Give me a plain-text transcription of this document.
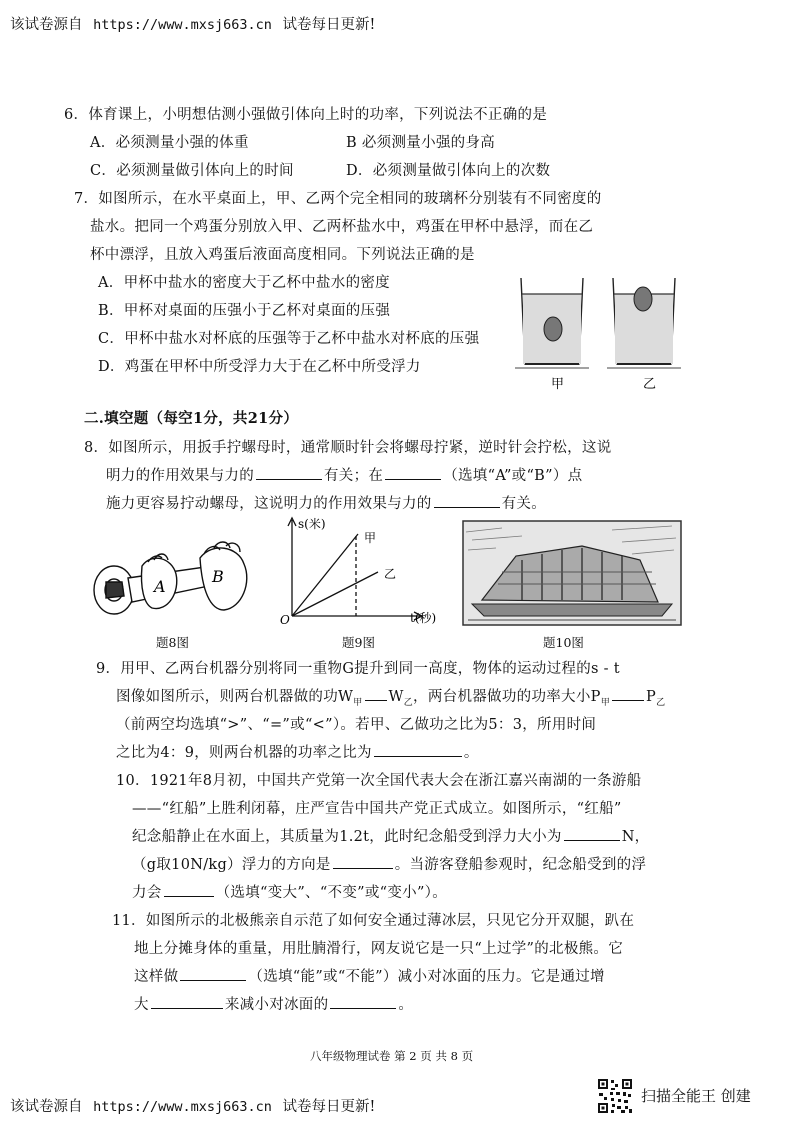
该试卷源自 https://www.mxsj663.cn 试卷每日更新!
6．体育课上，小明想估测小强做引体向上时的功率，下列说法不正确的是
A．必须测量小强的体重	B 必须测量小强的身高
C．必须测量做引体向上的时间	D．必须测量做引体向上的次数
7．如图所示，在水平桌面上，甲、乙两个完全相同的玻璃杯分别装有不同密度的
盐水。把同一个鸡蛋分别放入甲、乙两杯盐水中，鸡蛋在甲杯中悬浮，而在乙
杯中漂浮，且放入鸡蛋后液面高度相同。下列说法正确的是
A．甲杯中盐水的密度大于乙杯中盐水的密度
B．甲杯对桌面的压强小于乙杯对桌面的压强
C．甲杯中盐水对杯底的压强等于乙杯中盐水对杯底的压强
D．鸡蛋在甲杯中所受浮力大于在乙杯中所受浮力
甲	乙
二.填空题（每空1分，共21分）
8．如图所示，用扳手拧螺母时，通常顺时针会将螺母拧紧，逆时针会拧松，这说
明力的作用效果与力的	有关；在	（选填“A”或“B”）点
施力更容易拧动螺母，这说明力的作用效果与力的	有关。
A
B
题8图
s(米)
t(秒)
O
甲
乙
题9图	题10图
9．用甲、乙两台机器分别将同一重物G提升到同一高度，物体的运动过程的s - t
图像如图所示，则两台机器做的功$W_甲$ $W_乙$，两台机器做功的功率大小$P_甲$ $P_乙$
（前两空均选填“>”、“=”或“<”）。若甲、乙做功之比为5：3，所用时间
之比为4：9，则两台机器的功率之比为	。
10．1921年8月初，中国共产党第一次全国代表大会在浙江嘉兴南湖的一条游船
——“红船”上胜利闭幕，庄严宣告中国共产党正式成立。如图所示，“红船”
纪念船静止在水面上，其质量为1.2t，此时纪念船受到浮力大小为	N，
（g取10N/kg）浮力的方向是	。当游客登船参观时，纪念船受到的浮
力会	（选填“变大”、“不变”或“变小”）。
11．如图所示的北极熊亲自示范了如何安全通过薄冰层，只见它分开双腿，趴在
地上分摊身体的重量，用肚腩滑行，网友说它是一只“上过学”的北极熊。它
这样做	（选填“能”或“不能”）减小对冰面的压力。它是通过增
大	来减小对冰面的	。
八年级物理试卷 第 2 页 共 8 页
该试卷源自 https://www.mxsj663.cn 试卷每日更新!
扫描全能王 创建
